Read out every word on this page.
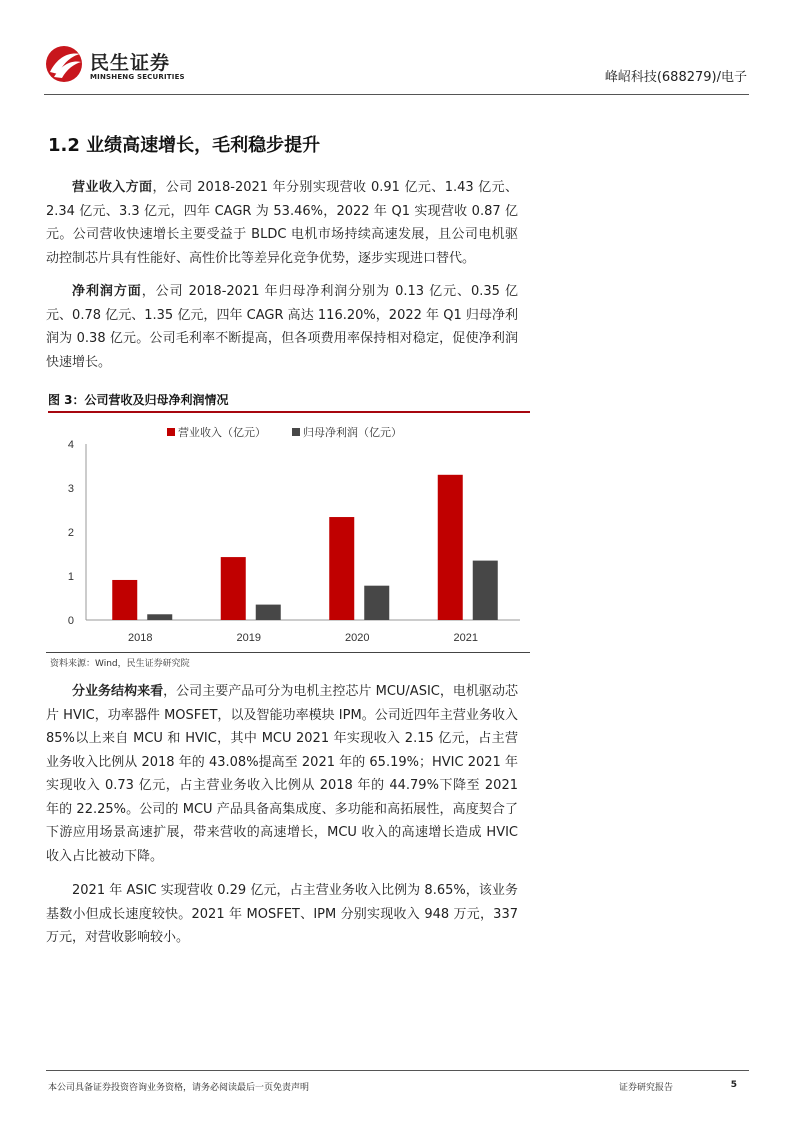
民生证券
MINSHENG SECURITIES	峰岹科技(688279)/电子
1.2 业绩高速增长，毛利稳步提升

营业收入方面，公司 2018-2021 年分别实现营收 0.91 亿元、1.43 亿元、2.34 亿元、3.3 亿元，四年 CAGR 为 53.46%，2022 年 Q1 实现营收 0.87 亿元。公司营收快速增长主要受益于 BLDC 电机市场持续高速发展，且公司电机驱动控制芯片具有性能好、高性价比等差异化竞争优势，逐步实现进口替代。

净利润方面，公司 2018-2021 年归母净利润分别为 0.13 亿元、0.35 亿元、0.78 亿元、1.35 亿元，四年 CAGR 高达 116.20%，2022 年 Q1 归母净利润为 0.38 亿元。公司毛利率不断提高，但各项费用率保持相对稳定，促使净利润快速增长。

图 3：公司营收及归母净利润情况
0
1
2
3
4
2018	2019	2020	2021
营业收入（亿元）	归母净利润（亿元）
资料来源：Wind，民生证券研究院

分业务结构来看，公司主要产品可分为电机主控芯片 MCU/ASIC，电机驱动芯片 HVIC，功率器件 MOSFET，以及智能功率模块 IPM。公司近四年主营业务收入 85%以上来自 MCU 和 HVIC，其中 MCU 2021 年实现收入 2.15 亿元，占主营业务收入比例从 2018 年的 43.08%提高至 2021 年的 65.19%；HVIC 2021 年实现收入 0.73 亿元，占主营业务收入比例从 2018 年的 44.79%下降至 2021 年的 22.25%。公司的 MCU 产品具备高集成度、多功能和高拓展性，高度契合了下游应用场景高速扩展，带来营收的高速增长，MCU 收入的高速增长造成 HVIC 收入占比被动下降。

2021 年 ASIC 实现营收 0.29 亿元，占主营业务收入比例为 8.65%，该业务基数小但成长速度较快。2021 年 MOSFET、IPM 分别实现收入 948 万元，337 万元，对营收影响较小。

本公司具备证券投资咨询业务资格，请务必阅读最后一页免责声明	证券研究报告	5
